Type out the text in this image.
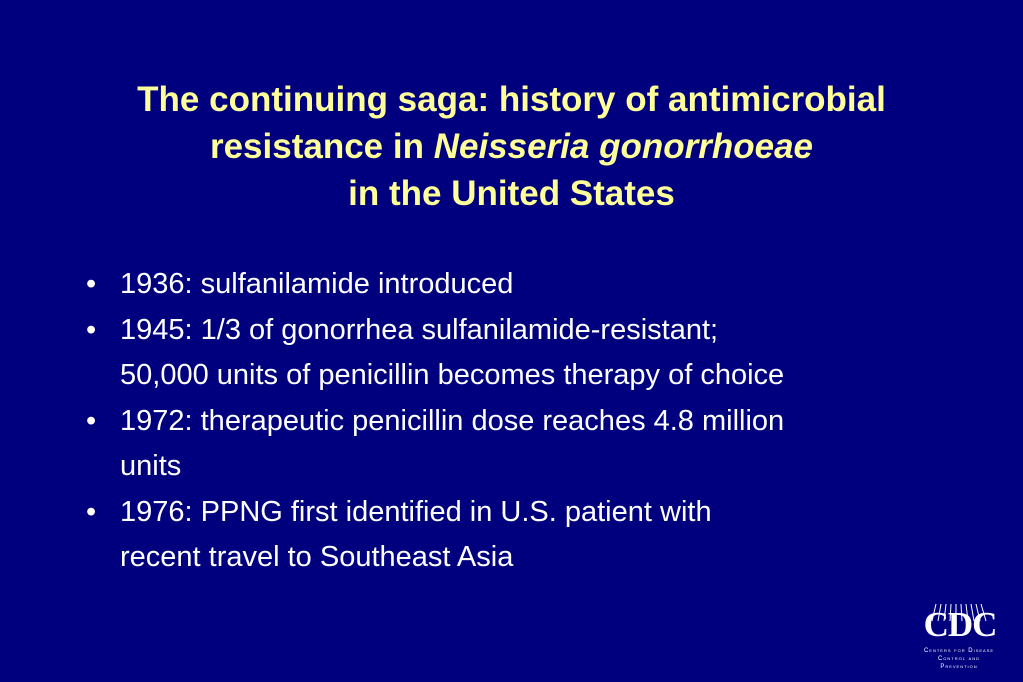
The continuing saga: history of antimicrobial
resistance in Neisseria gonorrhoeae
in the United States
• 1936: sulfanilamide introduced
• 1945: 1/3 of gonorrhea sulfanilamide-resistant;
50,000 units of penicillin becomes therapy of choice
• 1972: therapeutic penicillin dose reaches 4.8 million
units
• 1976: PPNG first identified in U.S. patient with
recent travel to Southeast Asia
CDC
Centers for Disease
Control and Prevention
